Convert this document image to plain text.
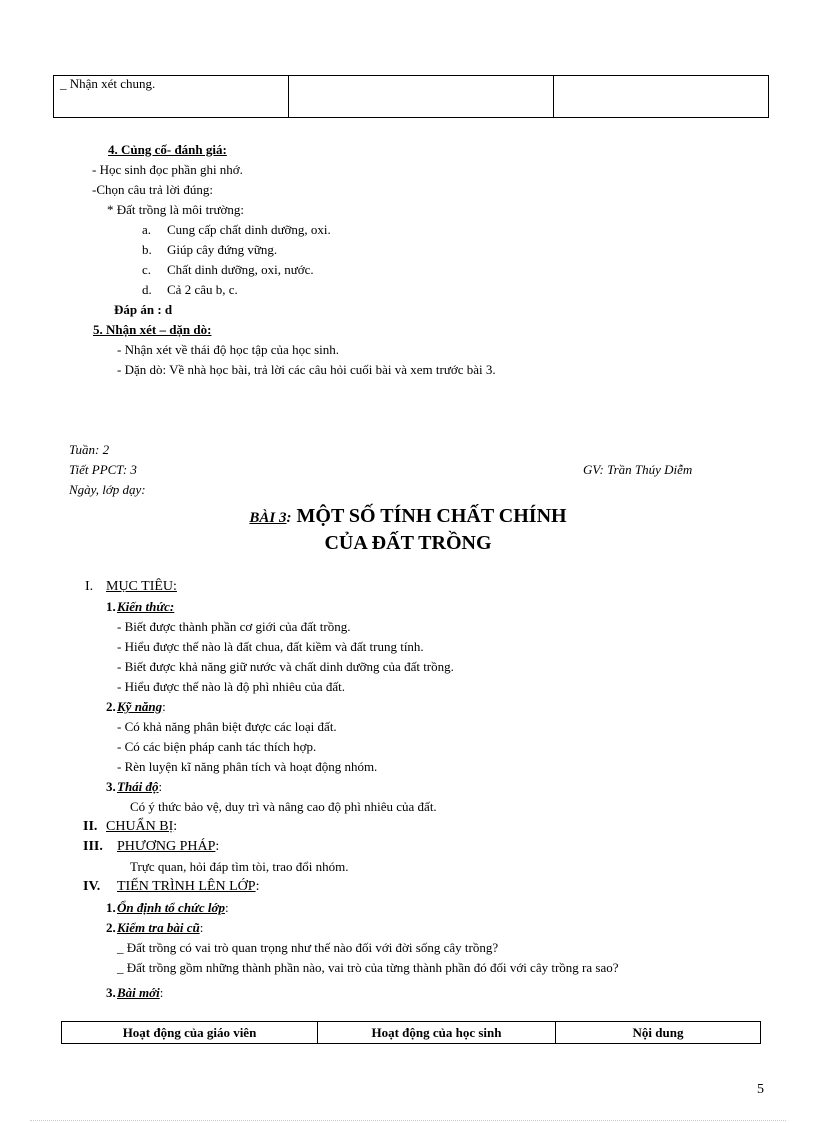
_ Nhận xét chung.		
4. Củng cố- đánh giá:
- Học sinh đọc phần ghi nhớ.
-Chọn câu trả lời đúng:
* Đất trồng là môi trường:
a. Cung cấp chất dinh dưỡng, oxi.
b. Giúp cây đứng vững.
c. Chất dinh dưỡng, oxi, nước.
d. Cả 2 câu b, c.
Đáp án : d
5. Nhận xét – dặn dò:
- Nhận xét về thái độ học tập của học sinh.
- Dặn dò: Về nhà học bài, trả lời các câu hỏi cuối bài và xem trước bài 3.
Tuần: 2
Tiết PPCT: 3
Ngày, lớp dạy:
GV: Trần Thúy Diễm
BÀI 3: MỘT SỐ TÍNH CHẤT CHÍNH
CỦA ĐẤT TRỒNG
I. MỤC TIÊU:
1. Kiến thức:
- Biết được thành phần cơ giới của đất trồng.
- Hiểu được thế nào là đất chua, đất kiềm và đất trung tính.
- Biết được khả năng giữ nước và chất dinh dưỡng của đất trồng.
- Hiểu được thế nào là độ phì nhiêu của đất.
2. Kỹ năng:
- Có khả năng phân biệt được các loại đất.
- Có các biện pháp canh tác thích hợp.
- Rèn luyện kĩ năng phân tích và hoạt động nhóm.
3. Thái độ:
Có ý thức bảo vệ, duy trì và nâng cao độ phì nhiêu của đất.
II. CHUẨN BỊ:
III. PHƯƠNG PHÁP:
Trực quan, hỏi đáp tìm tòi, trao đổi nhóm.
IV. TIẾN TRÌNH LÊN LỚP:
1. Ổn định tổ chức lớp:
2. Kiểm tra bài cũ:
_ Đất trồng có vai trò quan trọng như thế nào đối với đời sống cây trồng?
_ Đất trồng gồm những thành phần nào, vai trò của từng thành phần đó đối với cây trồng ra sao?
3. Bài mới:
Hoạt động của giáo viên	Hoạt động của học sinh	Nội dung
5
